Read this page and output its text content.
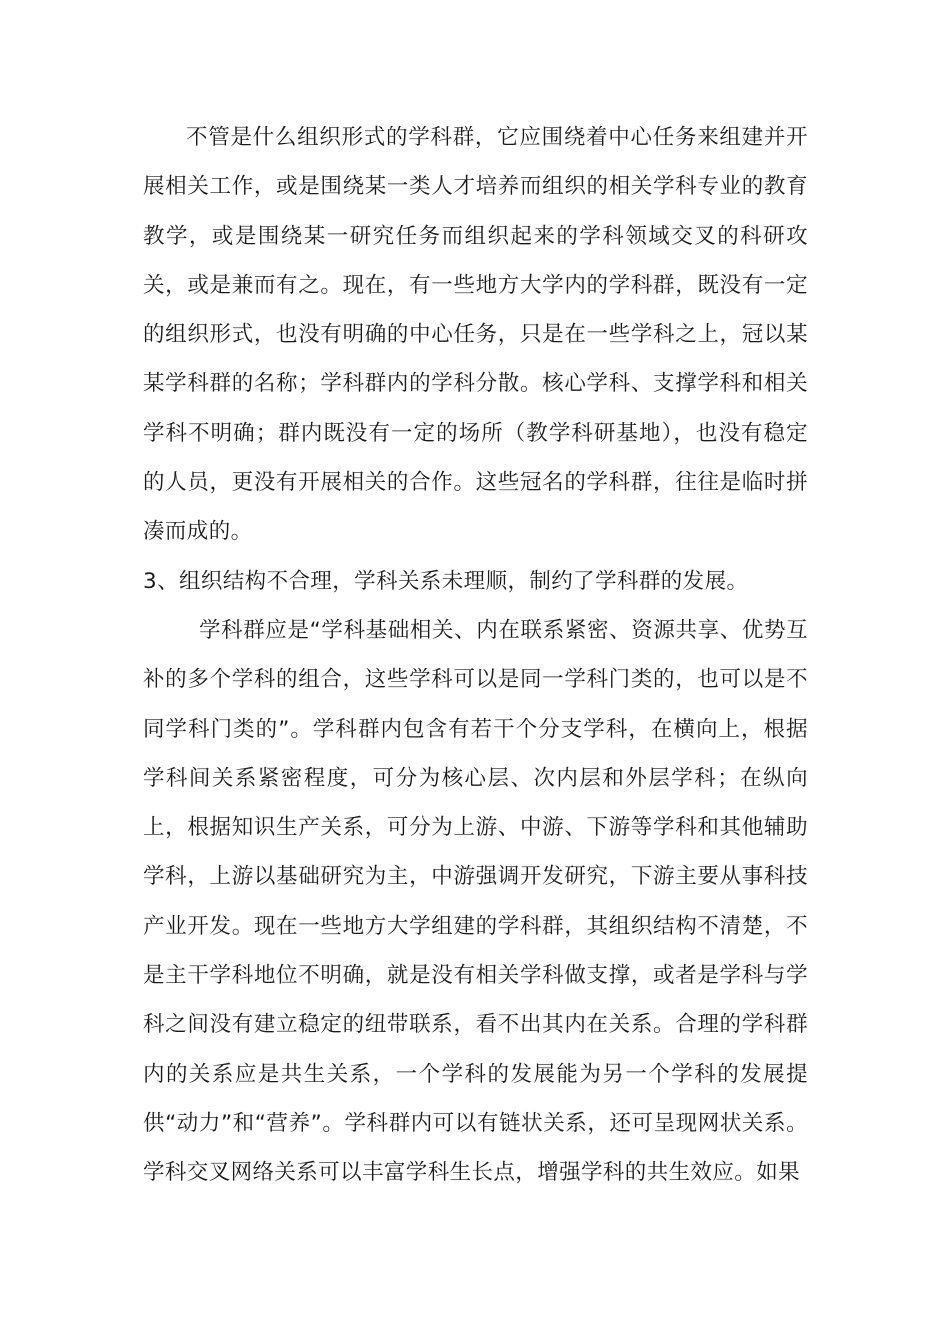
不管是什么组织形式的学科群，它应围绕着中心任务来组建并开展相关工作，或是围绕某一类人才培养而组织的相关学科专业的教育教学，或是围绕某一研究任务而组织起来的学科领域交叉的科研攻关，或是兼而有之。现在，有一些地方大学内的学科群，既没有一定的组织形式，也没有明确的中心任务，只是在一些学科之上，冠以某某学科群的名称；学科群内的学科分散。核心学科、支撑学科和相关学科不明确；群内既没有一定的场所（教学科研基地），也没有稳定的人员，更没有开展相关的合作。这些冠名的学科群，往往是临时拼凑而成的。

3、组织结构不合理，学科关系未理顺，制约了学科群的发展。

学科群应是“学科基础相关、内在联系紧密、资源共享、优势互补的多个学科的组合，这些学科可以是同一学科门类的，也可以是不同学科门类的”。学科群内包含有若干个分支学科，在横向上，根据学科间关系紧密程度，可分为核心层、次内层和外层学科；在纵向上，根据知识生产关系，可分为上游、中游、下游等学科和其他辅助学科，上游以基础研究为主，中游强调开发研究，下游主要从事科技产业开发。现在一些地方大学组建的学科群，其组织结构不清楚，不是主干学科地位不明确，就是没有相关学科做支撑，或者是学科与学科之间没有建立稳定的纽带联系，看不出其内在关系。合理的学科群内的关系应是共生关系，一个学科的发展能为另一个学科的发展提供“动力”和“营养”。学科群内可以有链状关系，还可呈现网状关系。学科交叉网络关系可以丰富学科生长点，增强学科的共生效应。如果
